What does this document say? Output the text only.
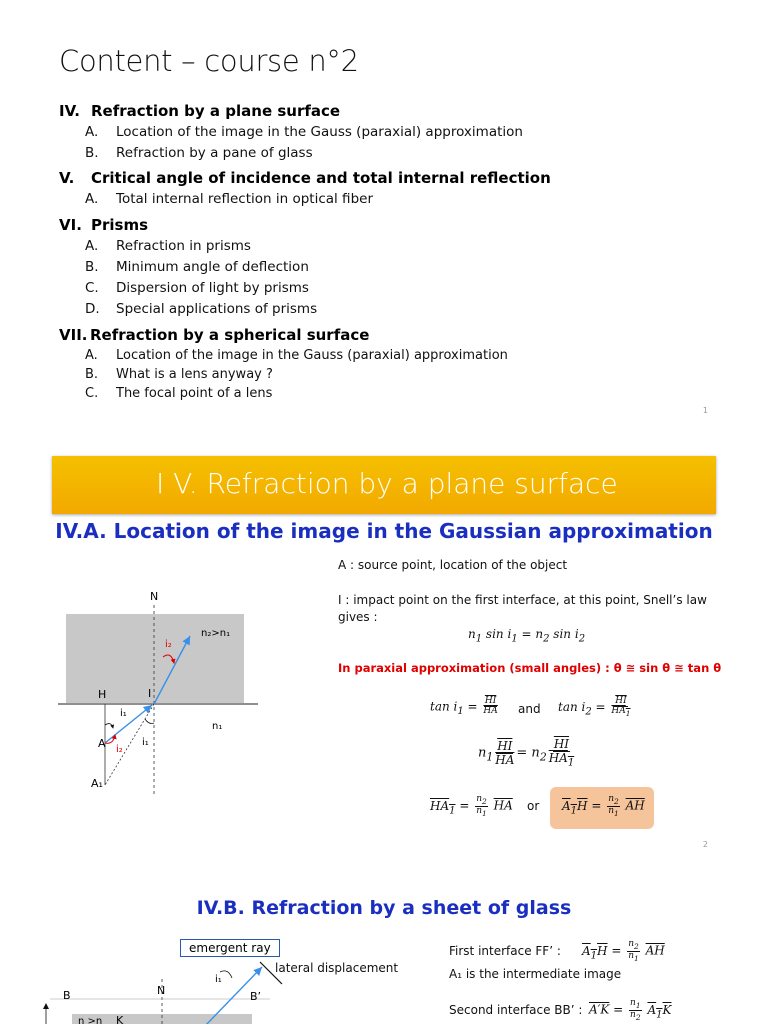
Content – course n°2
IV. Refraction by a plane surface
A. Location of the image in the Gauss (paraxial) approximation
B. Refraction by a pane of glass
V. Critical angle of incidence and total internal reflection
A. Total internal reflection in optical fiber
VI. Prisms
A. Refraction in prisms
B. Minimum angle of deflection
C. Dispersion of light by prisms
D. Special applications of prisms
VII. Refraction by a spherical surface
A. Location of the image in the Gauss (paraxial) approximation
B. What is a lens anyway ?
C. The focal point of a lens
1
I V. Refraction by a plane surface
IV.A. Location of the image in the Gaussian approximation
N
n₂>n₁
i₂
H	I
n₁
i₁
A i₂
i₁
A₁
A : source point, location of the object
I : impact point on the first interface, at this point, Snell’s law gives :
$n_1$ $\sin i_1 = n_2$ $\sin i_2$
In paraxial approximation (small angles) : θ ≅ sin θ ≅ tan θ
$\tan i_1 = \frac{\overline{HI}}{HA}$ and $\tan i_2 = \frac{\overline{HI}}{HA_1}$
$n_1 \frac{\overline{HI}}{HA} = n_2 \frac{\overline{HI}}{HA_1}$
$HA_1 = \frac{n_2}{n_1} \overline{HA}$ or $A_1H = \frac{n_2}{n_1} \overline{AH}$
2
IV.B. Refraction by a sheet of glass
emergent ray
lateral displacement
B	N	B’
n >n K
i₁
First interface FF’ : $A_1H = \frac{n_2}{n_1} \overline{AH}$
A₁ is the intermediate image
Second interface BB’ : $A'K = \frac{n_1}{n_2} A_1K$
